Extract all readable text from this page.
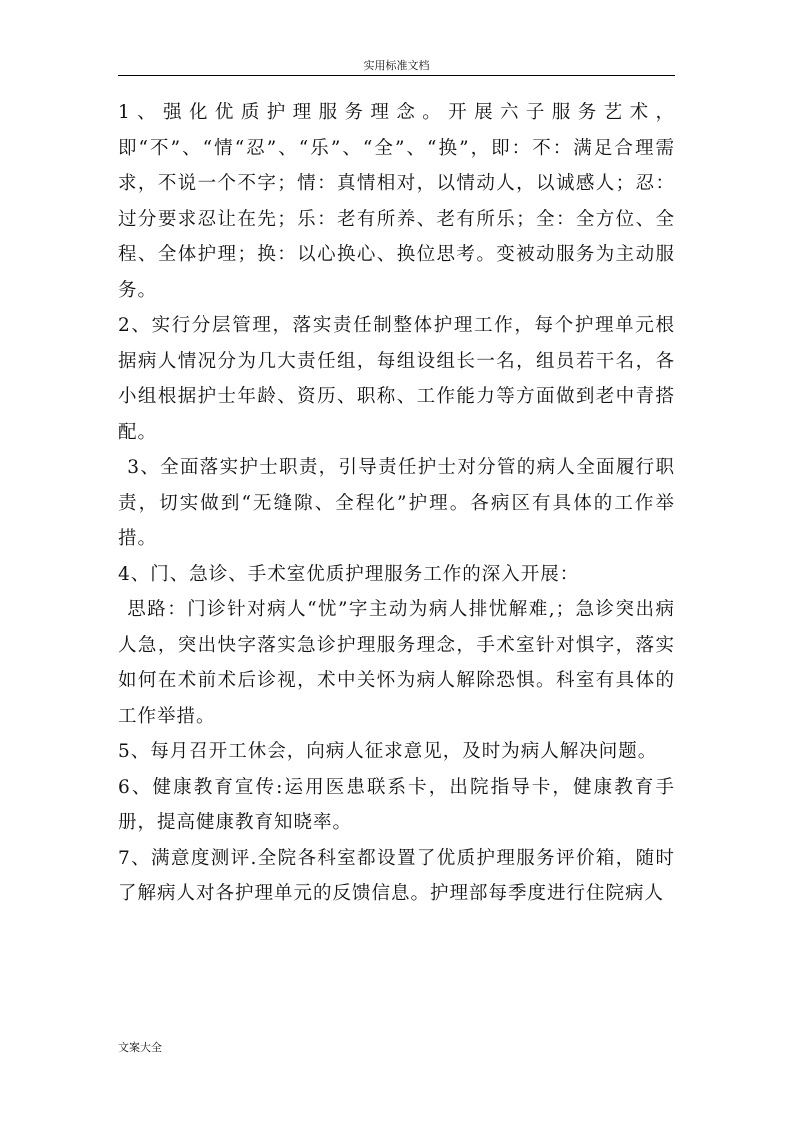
实用标准文档

1、强化优质护理服务理念。开展六子服务艺术，即“不”、“情“忍”、“乐”、“全”、“换”，即：不：满足合理需求，不说一个不字；情：真情相对，以情动人，以诚感人；忍：过分要求忍让在先；乐：老有所养、老有所乐；全：全方位、全程、全体护理；换：以心换心、换位思考。变被动服务为主动服务。

2、实行分层管理，落实责任制整体护理工作，每个护理单元根据病人情况分为几大责任组，每组设组长一名，组员若干名，各小组根据护士年龄、资历、职称、工作能力等方面做到老中青搭配。

3、全面落实护士职责，引导责任护士对分管的病人全面履行职责，切实做到“无缝隙、全程化”护理。各病区有具体的工作举措。

4、门、急诊、手术室优质护理服务工作的深入开展：

思路：门诊针对病人“忧”字主动为病人排忧解难,；急诊突出病人急，突出快字落实急诊护理服务理念，手术室针对惧字，落实如何在术前术后诊视，术中关怀为病人解除恐惧。科室有具体的工作举措。

5、每月召开工休会，向病人征求意见，及时为病人解决问题。

6、健康教育宣传:运用医患联系卡，出院指导卡，健康教育手册，提高健康教育知晓率。

7、满意度测评.全院各科室都设置了优质护理服务评价箱，随时了解病人对各护理单元的反馈信息。护理部每季度进行住院病人

文案大全
